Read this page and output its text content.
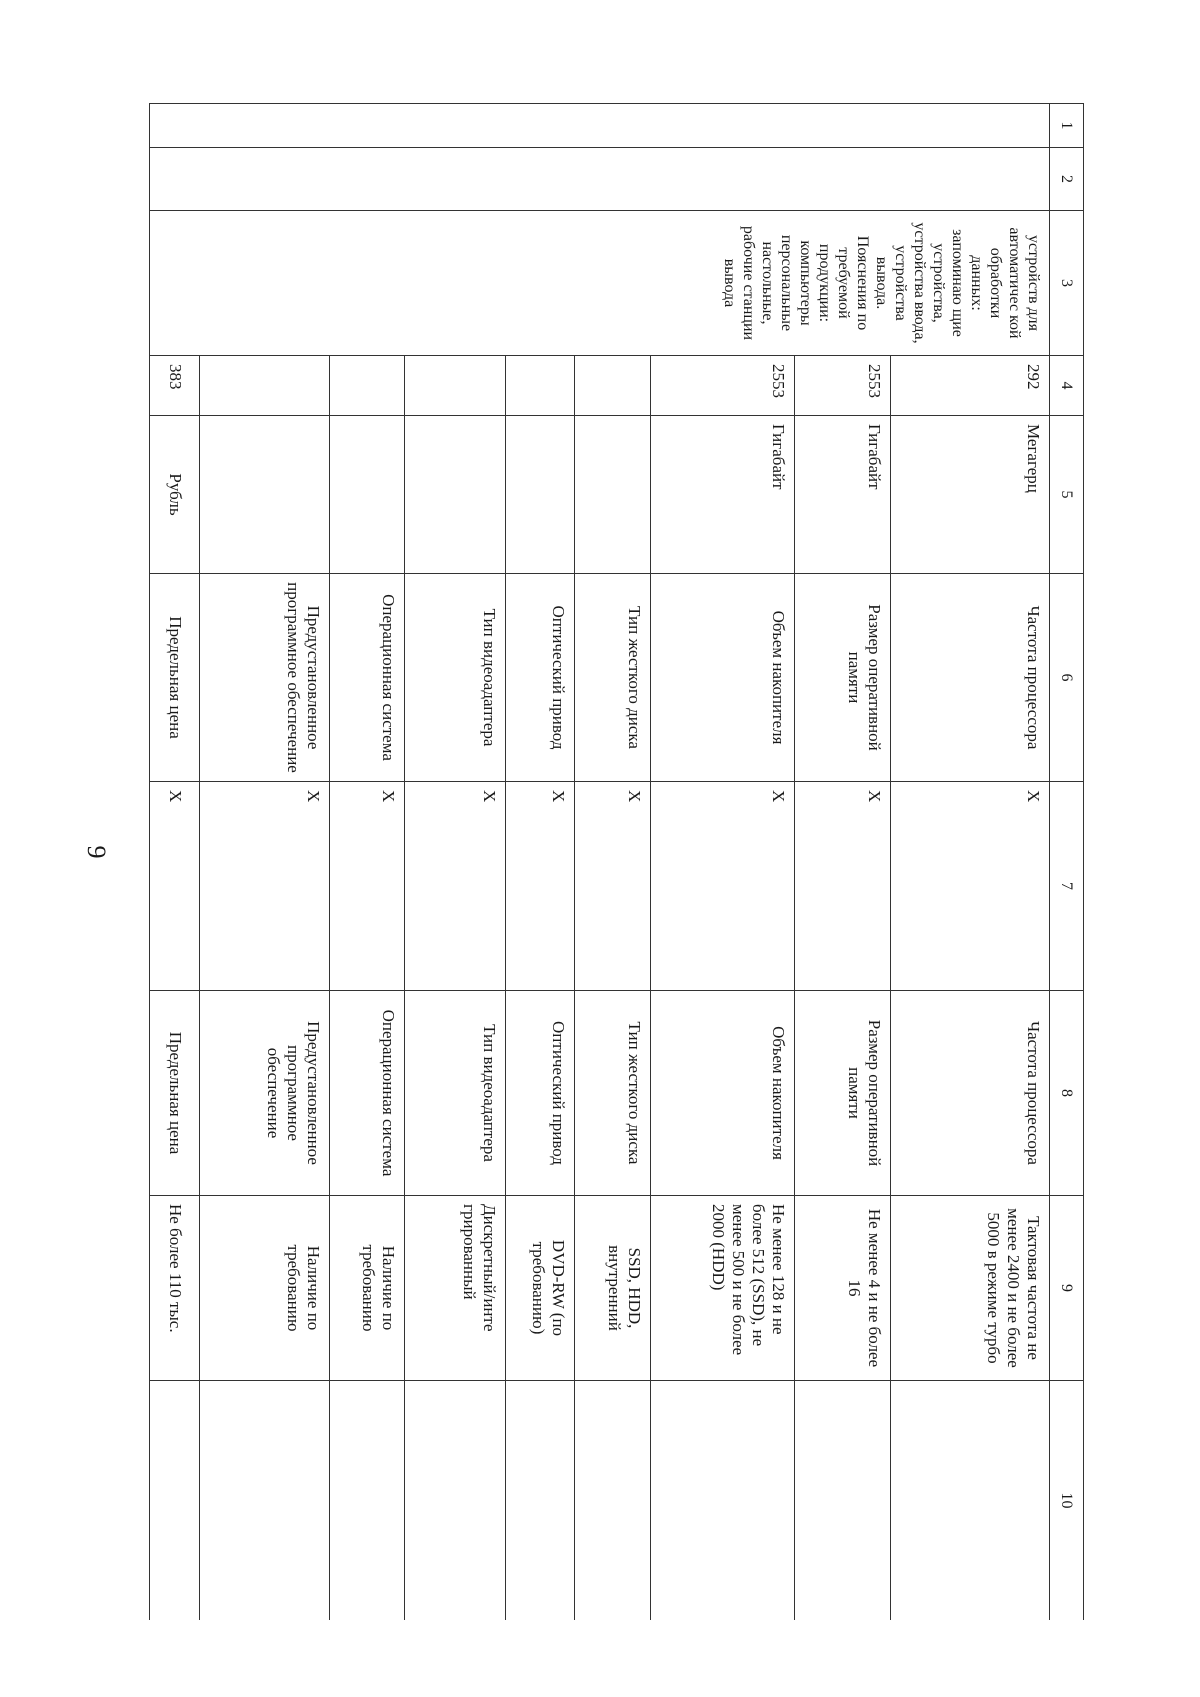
9
1	2	3	4	5	6	7	8	9	10
		устройств для автоматичес кой обработки данных: запоминаю щие устройства, устройства ввода, устройства вывода. Пояснения по требуемой продукции: компьютеры персональные настольные, рабочие станции вывода	292	Мегагерц	Частота процессора	X	Частота процессора	Тактовая частота не менее 2400 и не более 5000 в режиме турбо	
			2553	Гигабайт	Размер оперативной памяти	X	Размер оперативной памяти	Не менее 4 и не более 16	
			2553	Гигабайт	Объем накопителя	X	Объем накопителя	Не менее 128 и не более 512 (SSD), не менее 500 и не более 2000 (HDD)	
					Тип жесткого диска	X	Тип жесткого диска	SSD, HDD, внутренний	
					Оптический привод	X	Оптический привод	DVD-RW (по требованию)	
					Тип видеоадаптера	X	Тип видеоадаптера	Дискретный/инте грированный	
					Операционная система	X	Операционная система	Наличие по требованию	
					Предустановленное программное обеспечение	X	Предустановленное программное обеспечение	Наличие по требованию	
			383	Рубль	Предельная цена	X	Предельная цена	Не более 110 тыс.	
